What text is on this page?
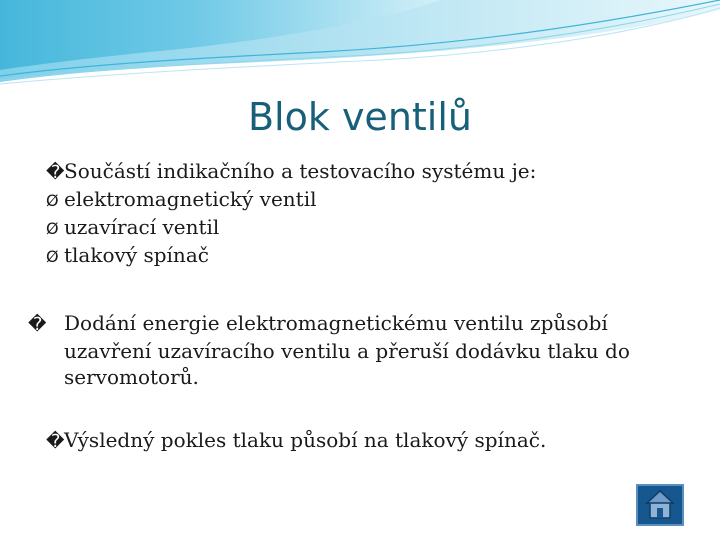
Blok ventilů
� Součástí indikačního a testovacího systému je:
Ø elektromagnetický ventil
Ø uzavírací ventil
Ø tlakový spínač
� Dodání energie elektromagnetickému ventilu způsobí uzavření uzavíracího ventilu a přeruší dodávku tlaku do servomotorů.
� Výsledný pokles tlaku působí na tlakový spínač.
